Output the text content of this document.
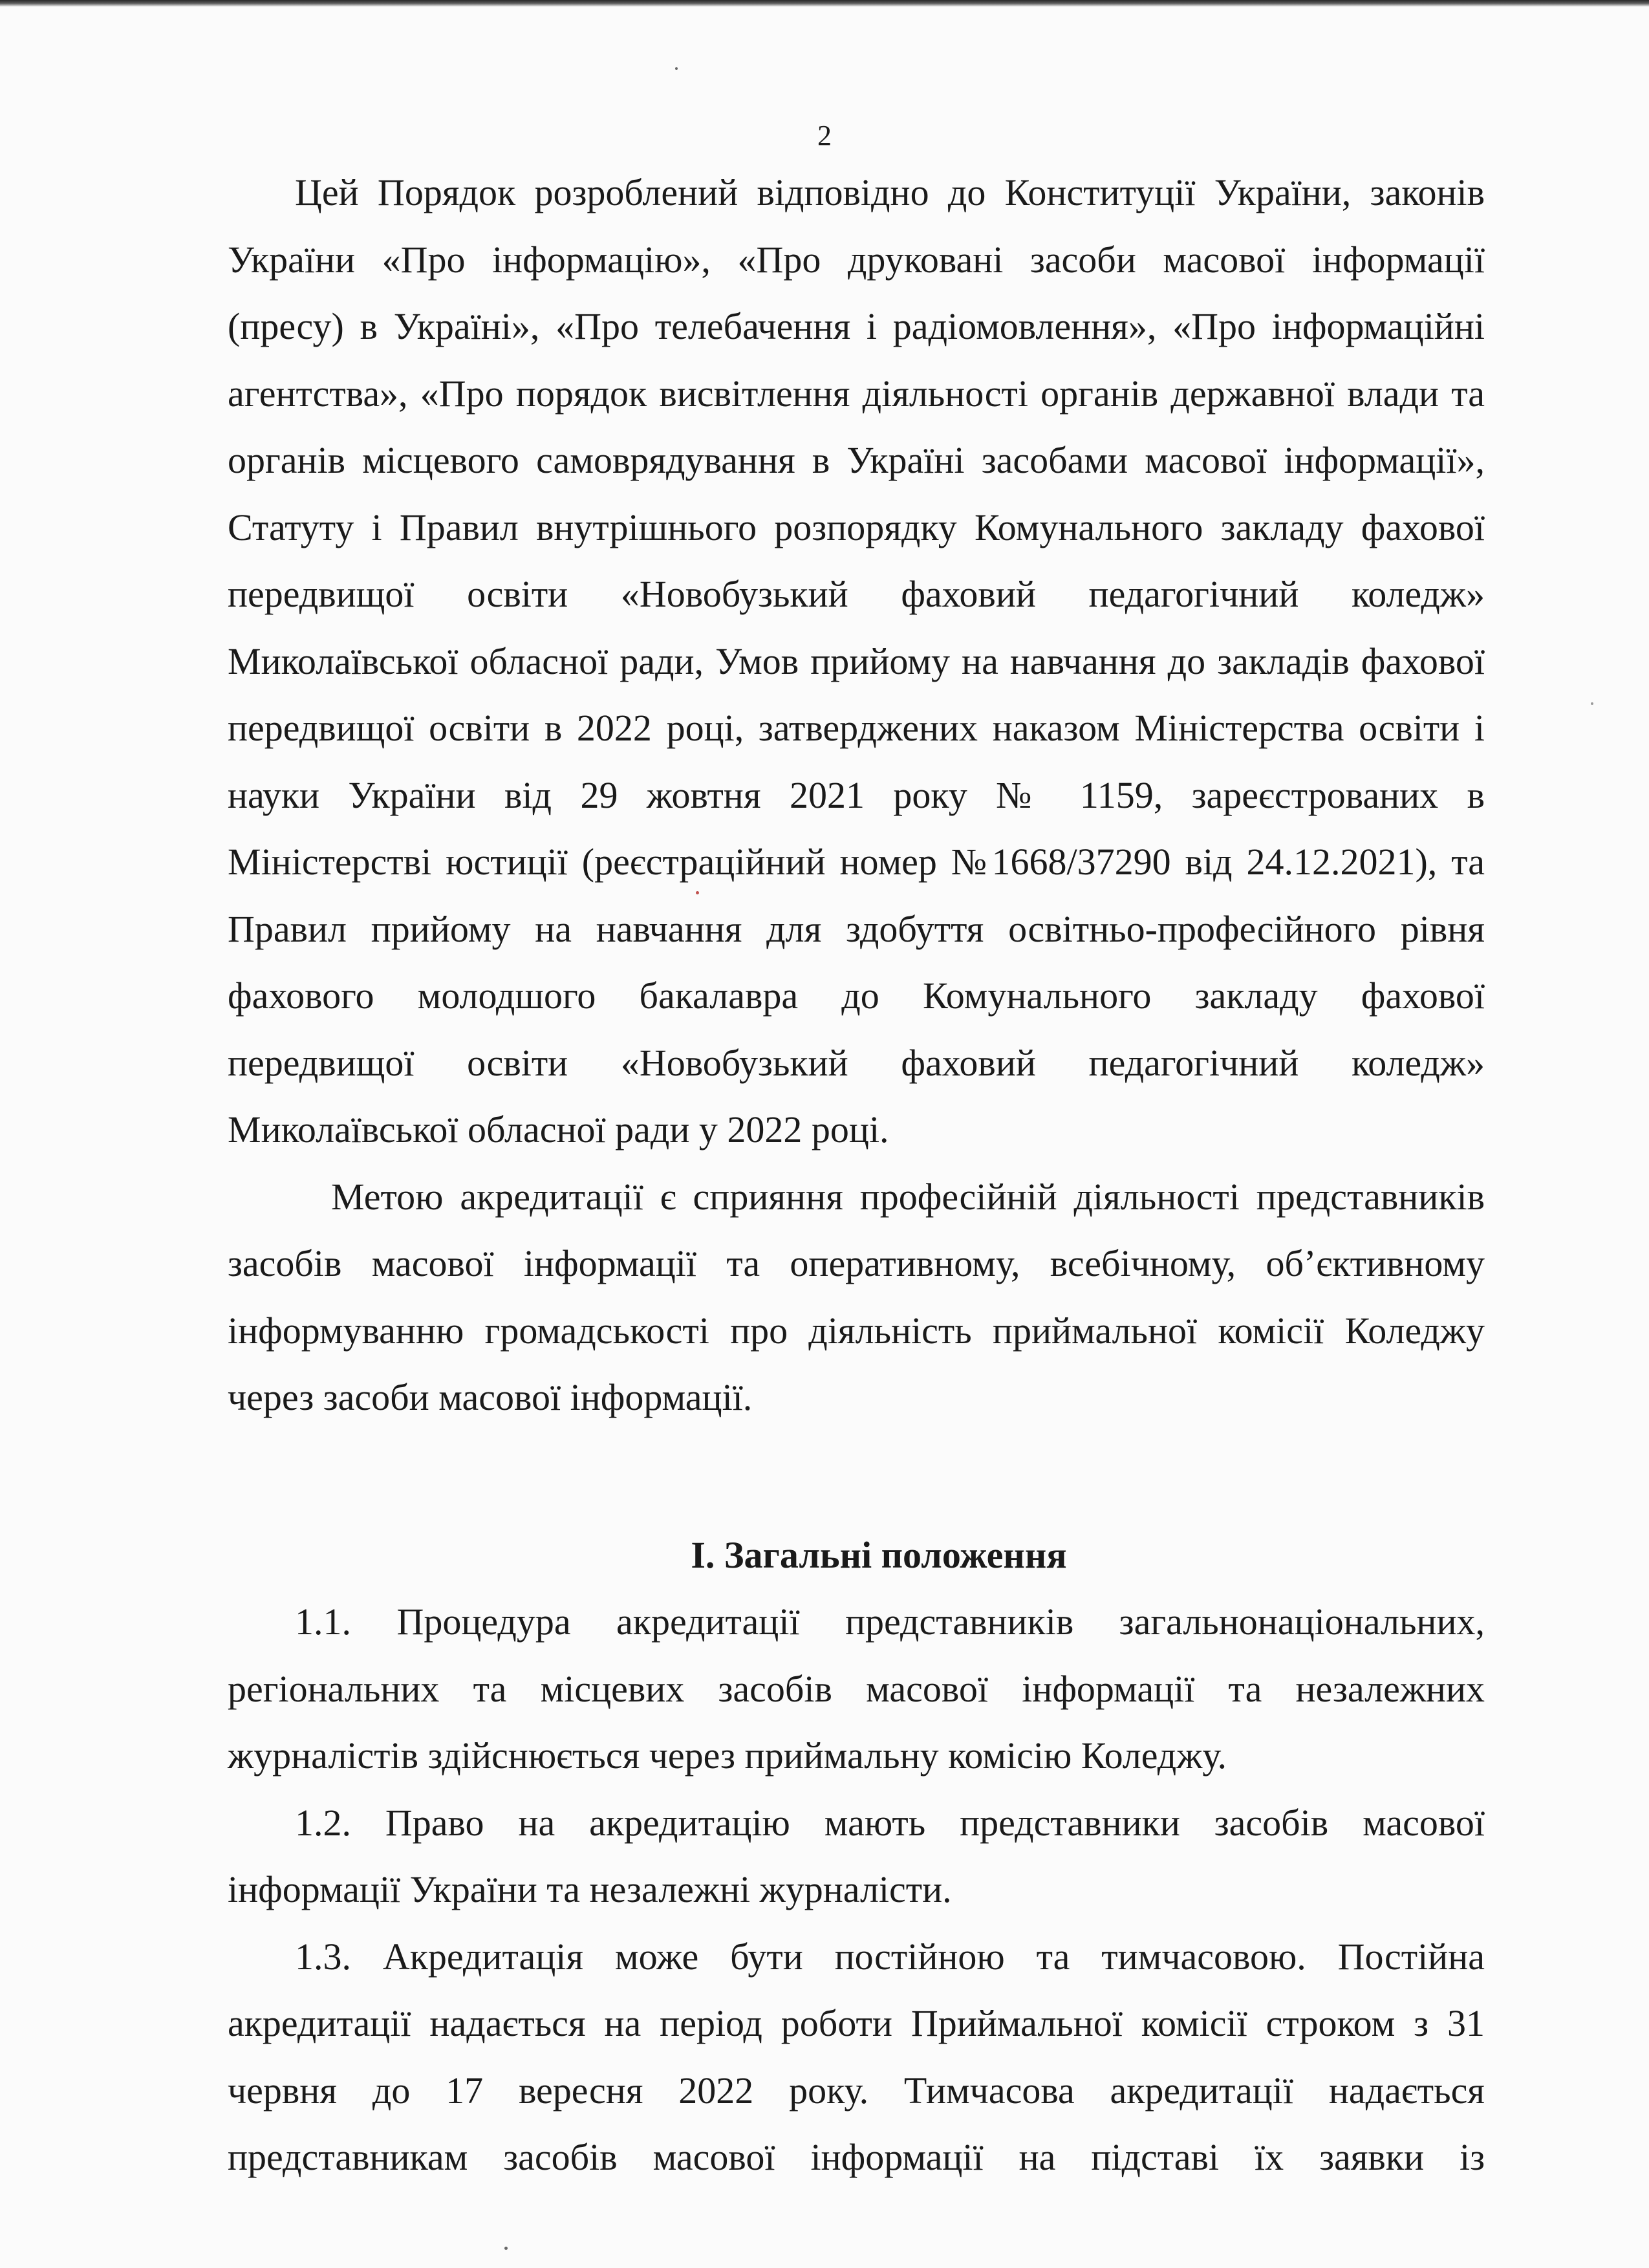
2

Цей Порядок розроблений відповідно до Конституції України, законів
України «Про інформацію», «Про друковані засоби масової інформації
(пресу) в Україні», «Про телебачення і радіомовлення», «Про інформаційні
агентства», «Про порядок висвітлення діяльності органів державної влади та
органів місцевого самоврядування в Україні засобами масової інформації»,
Статуту і Правил внутрішнього розпорядку Комунального закладу фахової
передвищої освіти «Новобузький фаховий педагогічний коледж»
Миколаївської обласної ради, Умов прийому на навчання до закладів фахової
передвищої освіти в 2022 році, затверджених наказом Міністерства освіти і
науки України від 29 жовтня 2021 року № 1159, зареєстрованих в
Міністерстві юстиції (реєстраційний номер №1668/37290 від 24.12.2021), та
Правил прийому на навчання для здобуття освітньо-професійного рівня
фахового молодшого бакалавра до Комунального закладу фахової
передвищої освіти «Новобузький фаховий педагогічний коледж»
Миколаївської обласної ради у 2022 році.

Метою акредитації є сприяння професійній діяльності представників
засобів масової інформації та оперативному, всебічному, об’єктивному
інформуванню громадськості про діяльність приймальної комісії Коледжу
через засоби масової інформації.

І. Загальні положення

1.1. Процедура акредитації представників загальнонаціональних,
регіональних та місцевих засобів масової інформації та незалежних
журналістів здійснюється через приймальну комісію Коледжу.

1.2. Право на акредитацію мають представники засобів масової
інформації України та незалежні журналісти.

1.3. Акредитація може бути постійною та тимчасовою. Постійна
акредитації надається на період роботи Приймальної комісії строком з 31
червня до 17 вересня 2022 року. Тимчасова акредитації надається
представникам засобів масової інформації на підставі їх заявки із
